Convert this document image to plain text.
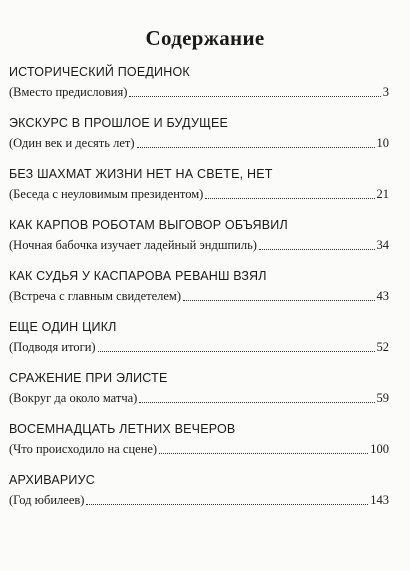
Содержание
ИСТОРИЧЕСКИЙ ПОЕДИНОК
(Вместо предисловия)	3
ЭКСКУРС В ПРОШЛОЕ И БУДУЩЕЕ
(Один век и десять лет)	10
БЕЗ ШАХМАТ ЖИЗНИ НЕТ НА СВЕТЕ, НЕТ
(Беседа с неуловимым президентом)	21
КАК КАРПОВ РОБОТАМ ВЫГОВОР ОБЪЯВИЛ
(Ночная бабочка изучает ладейный эндшпиль)	34
КАК СУДЬЯ У КАСПАРОВА РЕВАНШ ВЗЯЛ
(Встреча с главным свидетелем)	43
ЕЩЕ ОДИН ЦИКЛ
(Подводя итоги)	52
СРАЖЕНИЕ ПРИ ЭЛИСТЕ
(Вокруг да около матча)	59
ВОСЕМНАДЦАТЬ ЛЕТНИХ ВЕЧЕРОВ
(Что происходило на сцене)	100
АРХИВАРИУС
(Год юбилеев)	143
